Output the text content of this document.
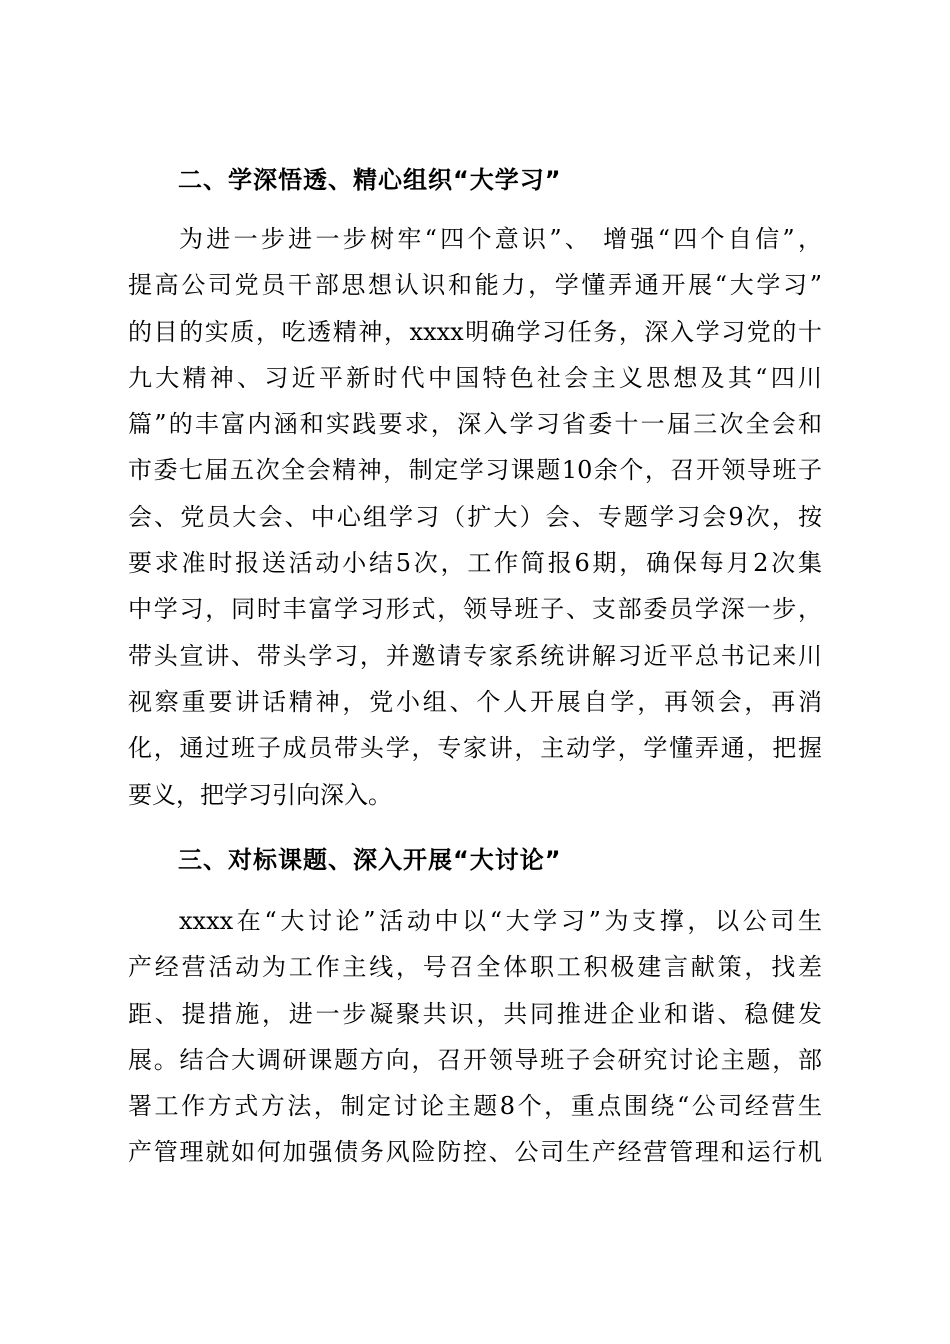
二、学深悟透、精心组织“大学习”
为进一步进一步树牢“四个意识”、 增强“四个自信”，
提高公司党员干部思想认识和能力，学懂弄通开展“大学习”
的目的实质，吃透精神，xxxx明确学习任务，深入学习党的十
九大精神、习近平新时代中国特色社会主义思想及其“四川
篇”的丰富内涵和实践要求，深入学习省委十一届三次全会和
市委七届五次全会精神，制定学习课题10余个，召开领导班子
会、党员大会、中心组学习（扩大）会、专题学习会9次，按
要求准时报送活动小结5次，工作简报6期，确保每月2次集
中学习，同时丰富学习形式，领导班子、支部委员学深一步，
带头宣讲、带头学习，并邀请专家系统讲解习近平总书记来川
视察重要讲话精神，党小组、个人开展自学，再领会，再消
化，通过班子成员带头学，专家讲，主动学，学懂弄通，把握
要义，把学习引向深入。
三、对标课题、深入开展“大讨论”
xxxx在“大讨论”活动中以“大学习”为支撑，以公司生
产经营活动为工作主线，号召全体职工积极建言献策，找差
距、提措施，进一步凝聚共识，共同推进企业和谐、稳健发
展。结合大调研课题方向，召开领导班子会研究讨论主题，部
署工作方式方法，制定讨论主题8个，重点围绕“公司经营生
产管理就如何加强债务风险防控、公司生产经营管理和运行机
